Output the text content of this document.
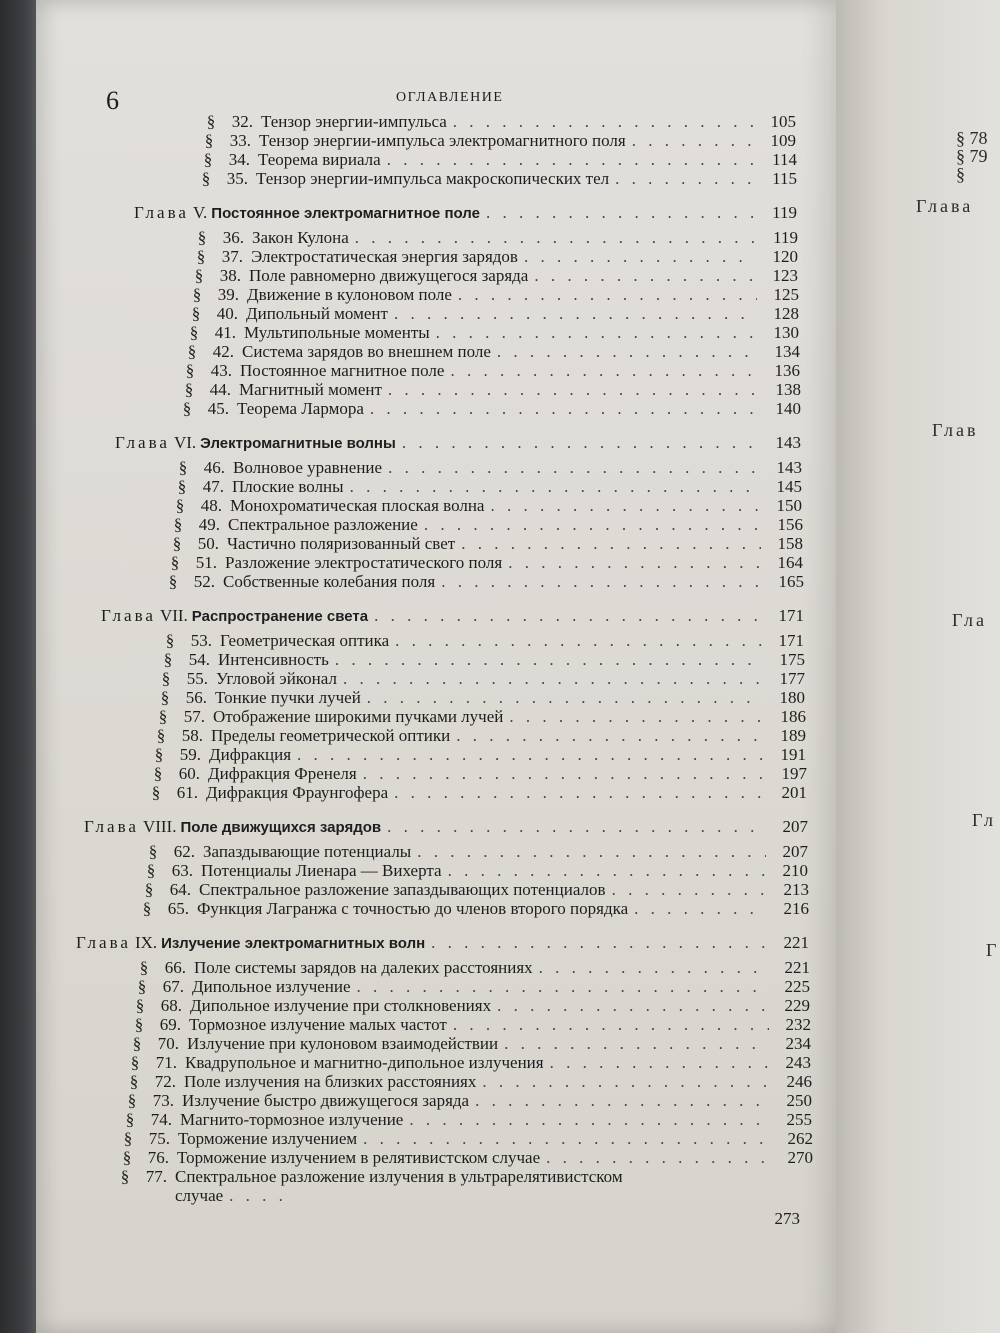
6	ОГЛАВЛЕНИЕ
§ 32. Тензор энергии-импульса . . .	105
§ 33. Тензор энергии-импульса электромагнитного поля . . .	109
§ 34. Теорема вириала . . .	114
§ 35. Тензор энергии-импульса макроскопических тел . . .	115
Глава V. Постоянное электромагнитное поле . . .	119
§ 36. Закон Кулона . . .	119
§ 37. Электростатическая энергия зарядов . . .	120
§ 38. Поле равномерно движущегося заряда . . .	123
§ 39. Движение в кулоновом поле . . .	125
§ 40. Дипольный момент . . .	128
§ 41. Мультипольные моменты . . .	130
§ 42. Система зарядов во внешнем поле . . .	134
§ 43. Постоянное магнитное поле . . .	136
§ 44. Магнитный момент . . .	138
§ 45. Теорема Лармора . . .	140
Глава VI. Электромагнитные волны . . .	143
§ 46. Волновое уравнение . . .	143
§ 47. Плоские волны . . .	145
§ 48. Монохроматическая плоская волна . . .	150
§ 49. Спектральное разложение . . .	156
§ 50. Частично поляризованный свет . . .	158
§ 51. Разложение электростатического поля . . .	164
§ 52. Собственные колебания поля . . .	165
Глава VII. Распространение света . . .	171
§ 53. Геометрическая оптика . . .	171
§ 54. Интенсивность . . .	175
§ 55. Угловой эйконал . . .	177
§ 56. Тонкие пучки лучей . . .	180
§ 57. Отображение широкими пучками лучей . . .	186
§ 58. Пределы геометрической оптики . . .	189
§ 59. Дифракция . . .	191
§ 60. Дифракция Френеля . . .	197
§ 61. Дифракция Фраунгофера . . .	201
Глава VIII. Поле движущихся зарядов . . .	207
§ 62. Запаздывающие потенциалы . . .	207
§ 63. Потенциалы Лиенара — Вихерта . . .	210
§ 64. Спектральное разложение запаздывающих потенциалов . . .	213
§ 65. Функция Лагранжа с точностью до членов второго порядка . . .	216
Глава IX. Излучение электромагнитных волн . . .	221
§ 66. Поле системы зарядов на далеких расстояниях . . .	221
§ 67. Дипольное излучение . . .	225
§ 68. Дипольное излучение при столкновениях . . .	229
§ 69. Тормозное излучение малых частот . . .	232
§ 70. Излучение при кулоновом взаимодействии . . .	234
§ 71. Квадрупольное и магнитно-дипольное излучения . . .	243
§ 72. Поле излучения на близких расстояниях . . .	246
§ 73. Излучение быстро движущегося заряда . . .	250
§ 74. Магнито-тормозное излучение . . .	255
§ 75. Торможение излучением . . .	262
§ 76. Торможение излучением в релятивистском случае . . .	270
§ 77. Спектральное разложение излучения в ультрарелятивистском
случае. . .
273
§ 78
§ 79
§
Глава
Глав
Гла
Гл
Г
